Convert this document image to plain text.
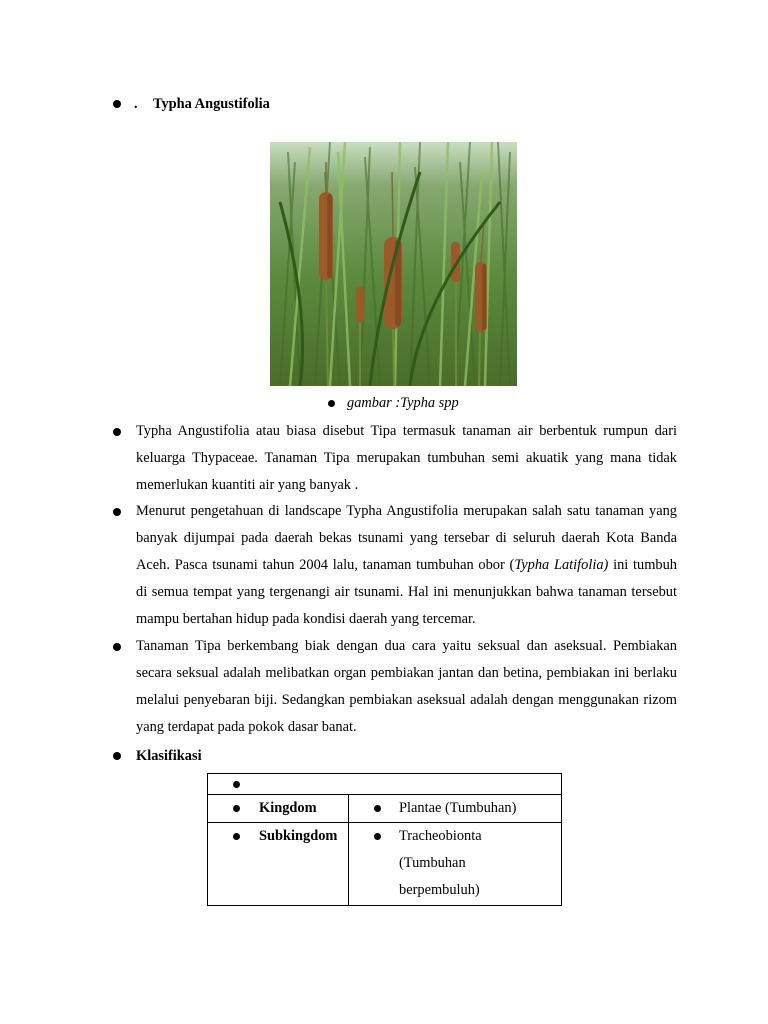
. Typha Angustifolia
gambar :Typha spp
Typha Angustifolia atau biasa disebut Tipa termasuk tanaman air berbentuk rumpun dari keluarga Thypaceae. Tanaman Tipa merupakan tumbuhan semi akuatik yang mana tidak memerlukan kuantiti air yang banyak .
Menurut pengetahuan di landscape Typha Angustifolia merupakan salah satu tanaman yang banyak dijumpai pada daerah bekas tsunami yang tersebar di seluruh daerah Kota Banda Aceh. Pasca tsunami tahun 2004 lalu, tanaman tumbuhan obor (Typha Latifolia) ini tumbuh di semua tempat yang tergenangi air tsunami. Hal ini menunjukkan bahwa tanaman tersebut mampu bertahan hidup pada kondisi daerah yang tercemar.
Tanaman Tipa berkembang biak dengan dua cara yaitu seksual dan aseksual. Pembiakan secara seksual adalah melibatkan organ pembiakan jantan dan betina, pembiakan ini berlaku melalui penyebaran biji. Sedangkan pembiakan aseksual adalah dengan menggunakan rizom yang terdapat pada pokok dasar banat.
Klasifikasi

Kingdom	Plantae (Tumbuhan)

Subkingdom	Tracheobionta
(Tumbuhan
berpembuluh)
